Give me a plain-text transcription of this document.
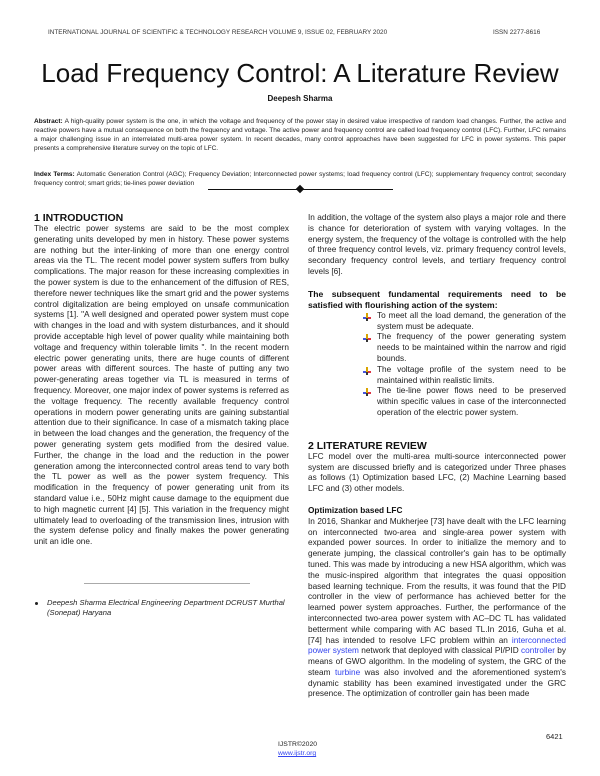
INTERNATIONAL JOURNAL OF SCIENTIFIC & TECHNOLOGY RESEARCH VOLUME 9, ISSUE 02, FEBRUARY 2020	ISSN 2277-8616
Load Frequency Control: A Literature Review
Deepesh Sharma

Abstract: A high-quality power system is the one, in which the voltage and frequency of the power stay in desired value irrespective of random load changes. Further, the active and reactive powers have a mutual consequence on both the frequency and voltage. The active power and frequency control are called load frequency control (LFC). Further, LFC remains a major challenging issue in an interrelated multi-area power system. In recent decades, many control approaches have been suggested for LFC in power systems. This paper presents a comprehensive literature survey on the topic of LFC.

Index Terms: Automatic Generation Control (AGC); Frequency Deviation; Interconnected power systems; load frequency control (LFC); supplementary frequency control; secondary frequency control; smart grids; tie-lines power deviation

1 INTRODUCTION

The electric power systems are said to be the most complex generating units developed by men in history. These power systems are nothing but the inter-linking of more than one energy control areas via the TL. The recent model power system suffers from bulky complications. The major reason for these increasing complexities in the power system is due to the enhancement of the diffusion of RES, therefore newer techniques like the smart grid and the power systems control digitalization are being employed on unsafe communication systems [1]. "A well designed and operated power system must cope with changes in the load and with system disturbances, and it should provide acceptable high level of power quality while maintaining both voltage and frequency within tolerable limits ". In the recent modern electric power generating units, there are huge counts of different power areas with different sources. The haste of putting any two power-generating areas together via TL is measured in terms of frequency. Moreover, one major index of power systems is referred as the voltage frequency. The recently available frequency control operations in modern power generating units are gaining substantial attention due to their significance. In case of a mismatch taking place in between the load changes and the generation, the frequency of the power generating system gets modified from the desired value. Further, the change in the load and the reduction in the power generation among the interconnected control areas tend to vary both the TL power as well as the power system frequency. This modification in the frequency of power generating unit from its standard value i.e., 50Hz might cause damage to the equipment due to high magnetic current [4] [5]. This variation in the frequency might ultimately lead to overloading of the transmission lines, intrusion with the system defense policy and finally makes the power generating unit an idle one.

Deepesh Sharma Electrical Engineering Department DCRUST Murthal (Sonepat) Haryana

In addition, the voltage of the system also plays a major role and there is chance for deterioration of system with varying voltages. In the energy system, the frequency of the voltage is controlled with the help of three frequency control levels, viz. primary frequency control levels, secondary frequency control levels, and tertiary frequency control levels [6].

The subsequent fundamental requirements need to be satisfied with flourishing action of the system:

To meet all the load demand, the generation of the system must be adequate.
The frequency of the power generating system needs to be maintained within the narrow and rigid bounds.
The voltage profile of the system need to be maintained within realistic limits.
The tie-line power flows need to be preserved within specific values in case of the interconnected operation of the electric power system.
2 LITERATURE REVIEW

LFC model over the multi-area multi-source interconnected power system are discussed briefly and is categorized under Three phases as follows (1) Optimization based LFC, (2) Machine Learning based LFC and (3) other models.

Optimization based LFC

In 2016, Shankar and Mukherjee [73] have dealt with the LFC learning on interconnected two-area and single-area power system with expanded power sources. In order to initialize the memory and to generate jumping, the classical controller's gain has to be optimally tuned. This was made by introducing a new HSA algorithm, which was the music-inspired algorithm that integrates the quasi opposition based learning technique. From the results, it was found that the PID controller in the view of performance has achieved better for the learned power system approaches. Further, the performance of the interconnected two-area power system with AC–DC TL has validated betterment while comparing with AC based TL.In 2016, Guha et al. [74] has intended to resolve LFC problem within an interconnected power system network that deployed with classical PI/PID controller by means of GWO algorithm. In the modeling of system, the GRC of the steam turbine was also involved and the aforementioned system's dynamic stability has been examined investigated under the GRC presence. The optimization of controller gain has been made

6421
IJSTR©2020
www.ijstr.org
